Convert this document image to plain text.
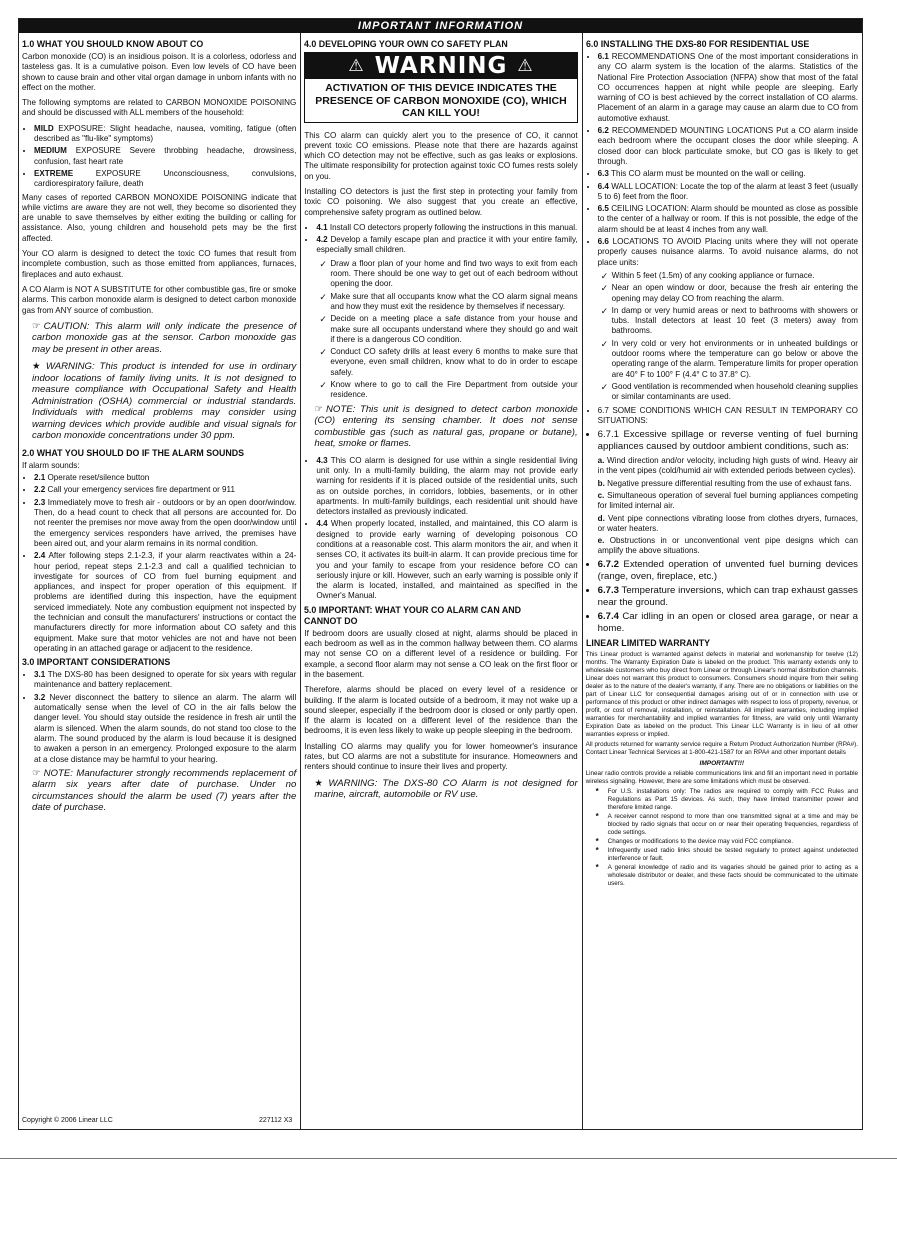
IMPORTANT INFORMATION
1.0 WHAT YOU SHOULD KNOW ABOUT CO

Carbon monoxide (CO) is an insidious poison. It is a colorless, odorless and tasteless gas. It is a cumulative poison. Even low levels of CO have been shown to cause brain and other vital organ damage in unborn infants with no effect on the mother.

The following symptoms are related to CARBON MONOXIDE POISONING and should be discussed with ALL members of the household:

• MILD EXPOSURE: Slight headache, nausea, vomiting, fatigue (often described as "flu-like" symptoms)
• MEDIUM EXPOSURE Severe throbbing headache, drowsiness, confusion, fast heart rate
• EXTREME EXPOSURE Unconsciousness, convulsions, cardiorespiratory failure, death

Many cases of reported CARBON MONOXIDE POISONING indicate that while victims are aware they are not well, they become so disoriented they are unable to save themselves by either exiting the building or calling for assistance. Also, young children and household pets may be the first affected.

Your CO alarm is designed to detect the toxic CO fumes that result from incomplete combustion, such as those emitted from appliances, furnaces, fireplaces and auto exhaust.

A CO Alarm is NOT A SUBSTITUTE for other combustible gas, fire or smoke alarms. This carbon monoxide alarm is designed to detect carbon monoxide gas from ANY source of combustion.

☞ CAUTION: This alarm will only indicate the presence of carbon monoxide gas at the sensor. Carbon monoxide gas may be present in other areas.
★ WARNING: This product is intended for use in ordinary indoor locations of family living units. It is not designed to measure compliance with Occupational Safety and Health Administration (OSHA) commercial or industrial standards. Individuals with medical problems may consider using warning devices which provide audible and visual signals for carbon monoxide concentrations under 30 ppm.
2.0 WHAT YOU SHOULD DO IF THE ALARM SOUNDS

If alarm sounds:

• 2.1 Operate reset/silence button
• 2.2 Call your emergency services fire department or 911
• 2.3 Immediately move to fresh air - outdoors or by an open door/window. Then, do a head count to check that all persons are accounted for. Do not reenter the premises nor move away from the open door/window until the emergency services responders have arrived, the premises have been aired out, and your alarm remains in its normal condition.
• 2.4 After following steps 2.1-2.3, if your alarm reactivates within a 24-hour period, repeat steps 2.1-2.3 and call a qualified technician to investigate for sources of CO from fuel burning equipment and appliances, and inspect for proper operation of this equipment. If problems are identified during this inspection, have the equipment serviced immediately. Note any combustion equipment not inspected by the technician and consult the manufacturers' instructions or contact the manufacturers directly for more information about CO safety and this equipment. Make sure that motor vehicles are not and have not been operating in an attached garage or adjacent to the residence.
3.0 IMPORTANT CONSIDERATIONS
• 3.1 The DXS-80 has been designed to operate for six years with regular maintenance and battery replacement.
• 3.2 Never disconnect the battery to silence an alarm. The alarm will automatically sense when the level of CO in the air falls below the danger level. You should stay outside the residence in fresh air until the alarm is silenced. When the alarm sounds, do not stand too close to the alarm. The sound produced by the alarm is loud because it is designed to awaken a person in an emergency. Prolonged exposure to the alarm at a close distance may be harmful to your hearing.
☞ NOTE: Manufacturer strongly recommends replacement of alarm six years after date of purchase. Under no circumstances should the alarm be used (7) years after the date of purchase.
Copyright © 2006 Linear LLC	227112 X3
4.0 DEVELOPING YOUR OWN CO SAFETY PLAN
⚠ WARNING ⚠
ACTIVATION OF THIS DEVICE INDICATES THE PRESENCE OF CARBON MONOXIDE (CO), WHICH CAN KILL YOU!

This CO alarm can quickly alert you to the presence of CO, it cannot prevent toxic CO emissions. Please note that there are hazards against which CO detection may not be effective, such as gas leaks or explosions. The ultimate responsibility for protection against toxic CO fumes rests solely on you.

Installing CO detectors is just the first step in protecting your family from toxic CO poisoning. We also suggest that you create an effective, comprehensive safety program as outlined below.

• 4.1 Install CO detectors properly following the instructions in this manual.
• 4.2 Develop a family escape plan and practice it with your entire family, especially small children.
✓ Draw a floor plan of your home and find two ways to exit from each room. There should be one way to get out of each bedroom without opening the door.
✓ Make sure that all occupants know what the CO alarm signal means and how they must exit the residence by themselves if necessary.
✓ Decide on a meeting place a safe distance from your house and make sure all occupants understand where they should go and wait if there is a dangerous CO condition.
✓ Conduct CO safety drills at least every 6 months to make sure that everyone, even small children, know what to do in order to escape safely.
✓ Know where to go to call the Fire Department from outside your residence.
☞ NOTE: This unit is designed to detect carbon monoxide (CO) entering its sensing chamber. It does not sense combustible gas (such as natural gas, propane or butane), heat, smoke or flames.
• 4.3 This CO alarm is designed for use within a single residential living unit only. In a multi-family building, the alarm may not provide early warning for residents if it is placed outside of the residential units, such as on outside porches, in corridors, lobbies, basements, or in other apartments. In multi-family buildings, each residential unit should have detectors installed as previously indicated.
• 4.4 When properly located, installed, and maintained, this CO alarm is designed to provide early warning of developing poisonous CO conditions at a reasonable cost. This alarm monitors the air, and when it senses CO, it activates its built-in alarm. It can provide precious time for you and your family to escape from your residence before CO can seriously injure or kill. However, such an early warning is possible only if the alarm is located, installed, and maintained as specified in the Owner's Manual.
5.0 IMPORTANT: WHAT YOUR CO ALARM CAN AND CANNOT DO

If bedroom doors are usually closed at night, alarms should be placed in each bedroom as well as in the common hallway between them. CO alarms may not sense CO on a different level of a residence or building. For example, a second floor alarm may not sense a CO leak on the first floor or in the basement.

Therefore, alarms should be placed on every level of a residence or building. If the alarm is located outside of a bedroom, it may not wake up a sound sleeper, especially if the bedroom door is closed or only partly open. If the alarm is located on a different level of the residence than the bedrooms, it is even less likely to wake up people sleeping in the bedroom.

Installing CO alarms may qualify you for lower homeowner's insurance rates, but CO alarms are not a substitute for insurance. Homeowners and renters should continue to insure their lives and property.

★ WARNING: The DXS-80 CO Alarm is not designed for marine, aircraft, automobile or RV use.
6.0 INSTALLING THE DXS-80 FOR RESIDENTIAL USE
• 6.1 RECOMMENDATIONS One of the most important considerations in any CO alarm system is the location of the alarms. Statistics of the National Fire Protection Association (NFPA) show that most of the fatal CO occurrences happen at night while people are sleeping. Early warning of CO is best achieved by the correct installation of CO alarms. Placement of an alarm in a garage may cause an alarm due to CO from automotive exhaust.
• 6.2 RECOMMENDED MOUNTING LOCATIONS Put a CO alarm inside each bedroom where the occupant closes the door while sleeping. A closed door can block particulate smoke, but CO gas is likely to get through.
• 6.3 This CO alarm must be mounted on the wall or ceiling.
• 6.4 WALL LOCATION: Locate the top of the alarm at least 3 feet (usually 5 to 6) feet from the floor.
• 6.5 CEILING LOCATION: Alarm should be mounted as close as possible to the center of a hallway or room. If this is not possible, the edge of the alarm should be at least 4 inches from any wall.
• 6.6 LOCATIONS TO AVOID Placing units where they will not operate properly causes nuisance alarms. To avoid nuisance alarms, do not place units:
✓ Within 5 feet (1.5m) of any cooking appliance or furnace.
✓ Near an open window or door, because the fresh air entering the opening may delay CO from reaching the alarm.
✓ In damp or very humid areas or next to bathrooms with showers or tubs. Install detectors at least 10 feet (3 meters) away from bathrooms.
✓ In very cold or very hot environments or in unheated buildings or outdoor rooms where the temperature can go below or above the operating range of the alarm. Temperature limits for proper operation are 40° F to 100° F (4.4° C to 37.8° C).
✓ Good ventilation is recommended when household cleaning supplies or similar contaminants are used.
• 6.7 SOME CONDITIONS WHICH CAN RESULT IN TEMPORARY CO SITUATIONS:
• 6.7.1 Excessive spillage or reverse venting of fuel burning appliances caused by outdoor ambient conditions, such as:
a. Wind direction and/or velocity, including high gusts of wind. Heavy air in the vent pipes (cold/humid air with extended periods between cycles).
b. Negative pressure differential resulting from the use of exhaust fans.
c. Simultaneous operation of several fuel burning appliances competing for limited internal air.
d. Vent pipe connections vibrating loose from clothes dryers, furnaces, or water heaters.
e. Obstructions in or unconventional vent pipe designs which can amplify the above situations.
• 6.7.2 Extended operation of unvented fuel burning devices (range, oven, fireplace, etc.)
• 6.7.3 Temperature inversions, which can trap exhaust gasses near the ground.
• 6.7.4 Car idling in an open or closed area garage, or near a home.
LINEAR LIMITED WARRANTY

This Linear product is warranted against defects in material and workmanship for twelve (12) months. The Warranty Expiration Date is labeled on the product. This warranty extends only to wholesale customers who buy direct from Linear or through Linear's normal distribution channels. Linear does not warrant this product to consumers. Consumers should inquire from their selling dealer as to the nature of the dealer's warranty, if any. There are no obligations or liabilities on the part of Linear LLC for consequential damages arising out of or in connection with use or performance of this product or other indirect damages with respect to loss of property, revenue, or profit, or cost of removal, installation, or reinstallation. All implied warranties, including implied warranties for merchantability and implied warranties for fitness, are valid only until Warranty Expiration Date as labeled on the product. This Linear LLC Warranty is in lieu of all other warranties express or implied.

All products returned for warranty service require a Return Product Authorization Number (RPA#). Contact Linear Technical Services at 1-800-421-1587 for an RPA# and other important details

IMPORTANT!!!

Linear radio controls provide a reliable communications link and fill an important need in portable wireless signaling. However, there are some limitations which must be observed.

* For U.S. installations only: The radios are required to comply with FCC Rules and Regulations as Part 15 devices. As such, they have limited transmitter power and therefore limited range.
* A receiver cannot respond to more than one transmitted signal at a time and may be blocked by radio signals that occur on or near their operating frequencies, regardless of code settings.
* Changes or modifications to the device may void FCC compliance.
* Infrequently used radio links should be tested regularly to protect against undetected interference or fault.
* A general knowledge of radio and its vagaries should be gained prior to acting as a wholesale distributor or dealer, and these facts should be communicated to the ultimate users.
